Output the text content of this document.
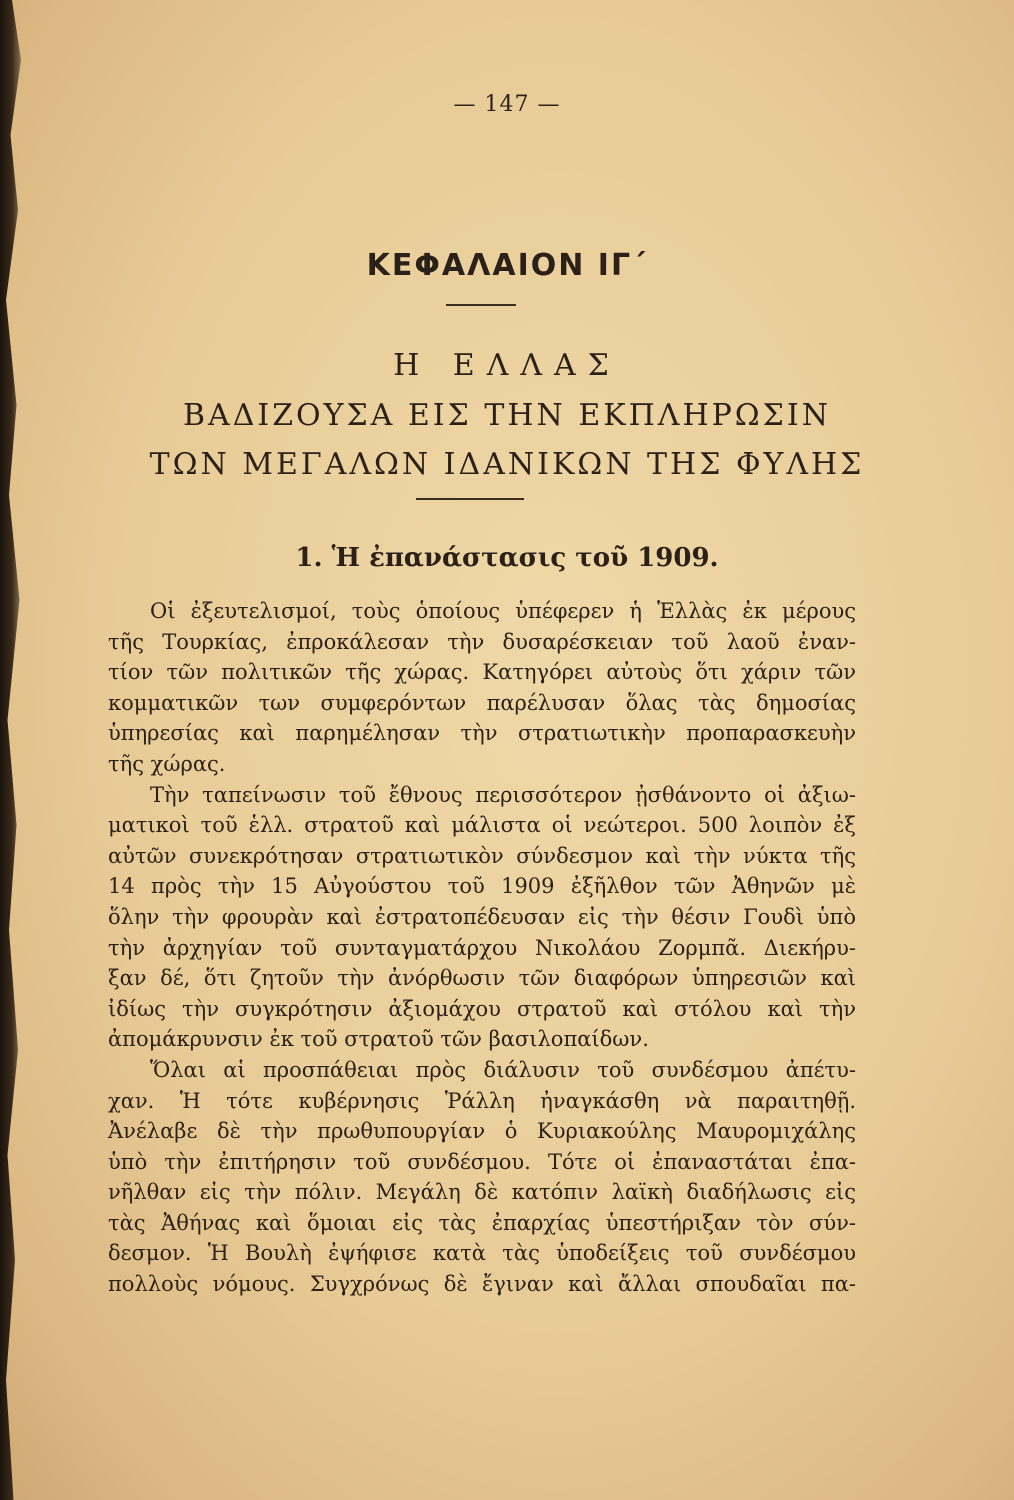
— 147 —
ΚΕΦΑΛΑΙΟΝ ΙΓ΄
Η ΕΛΛΑΣ
ΒΑΔΙΖΟΥΣΑ ΕΙΣ ΤΗΝ ΕΚΠΛΗΡΩΣΙΝ
ΤΩΝ ΜΕΓΑΛΩΝ ΙΔΑΝΙΚΩΝ ΤΗΣ ΦΥΛΗΣ
1. Ἡ ἐπανάστασις τοῦ 1909.
Οἱ ἐξευτελισμοί, τοὺς ὁποίους ὑπέφερεν ἡ Ἑλλὰς ἐκ μέρους
τῆς Τουρκίας, ἐπροκάλεσαν τὴν δυσαρέσκειαν τοῦ λαοῦ ἐναν-
τίον τῶν πολιτικῶν τῆς χώρας. Κατηγόρει αὐτοὺς ὅτι χάριν τῶν
κομματικῶν των συμφερόντων παρέλυσαν ὅλας τὰς δημοσίας
ὑπηρεσίας καὶ παρημέλησαν τὴν στρατιωτικὴν προπαρασκευὴν
τῆς χώρας.
Τὴν ταπείνωσιν τοῦ ἔθνους περισσότερον ᾐσθάνοντο οἱ ἀξιω-
ματικοὶ τοῦ ἑλλ. στρατοῦ καὶ μάλιστα οἱ νεώτεροι. 500 λοιπὸν ἐξ
αὐτῶν συνεκρότησαν στρατιωτικὸν σύνδεσμον καὶ τὴν νύκτα τῆς
14 πρὸς τὴν 15 Αὐγούστου τοῦ 1909 ἐξῆλθον τῶν Ἀθηνῶν μὲ
ὅλην τὴν φρουρὰν καὶ ἐστρατοπέδευσαν εἰς τὴν θέσιν Γουδὶ ὑπὸ
τὴν ἀρχηγίαν τοῦ συνταγματάρχου Νικολάου Ζορμπᾶ. Διεκήρυ-
ξαν δέ, ὅτι ζητοῦν τὴν ἀνόρθωσιν τῶν διαφόρων ὑπηρεσιῶν καὶ
ἰδίως τὴν συγκρότησιν ἀξιομάχου στρατοῦ καὶ στόλου καὶ τὴν
ἀπομάκρυνσιν ἐκ τοῦ στρατοῦ τῶν βασιλοπαίδων.
Ὅλαι αἱ προσπάθειαι πρὸς διάλυσιν τοῦ συνδέσμου ἀπέτυ-
χαν. Ἡ τότε κυβέρνησις Ῥάλλη ἠναγκάσθη νὰ παραιτηθῇ.
Ἀνέλαβε δὲ τὴν πρωθυπουργίαν ὁ Κυριακούλης Μαυρομιχάλης
ὑπὸ τὴν ἐπιτήρησιν τοῦ συνδέσμου. Τότε οἱ ἐπαναστάται ἐπα-
νῆλθαν εἰς τὴν πόλιν. Μεγάλη δὲ κατόπιν λαϊκὴ διαδήλωσις εἰς
τὰς Ἀθήνας καὶ ὅμοιαι εἰς τὰς ἐπαρχίας ὑπεστήριξαν τὸν σύν-
δεσμον. Ἡ Βουλὴ ἐψήφισε κατὰ τὰς ὑποδείξεις τοῦ συνδέσμου
πολλοὺς νόμους. Συγχρόνως δὲ ἔγιναν καὶ ἄλλαι σπουδαῖαι πα-
